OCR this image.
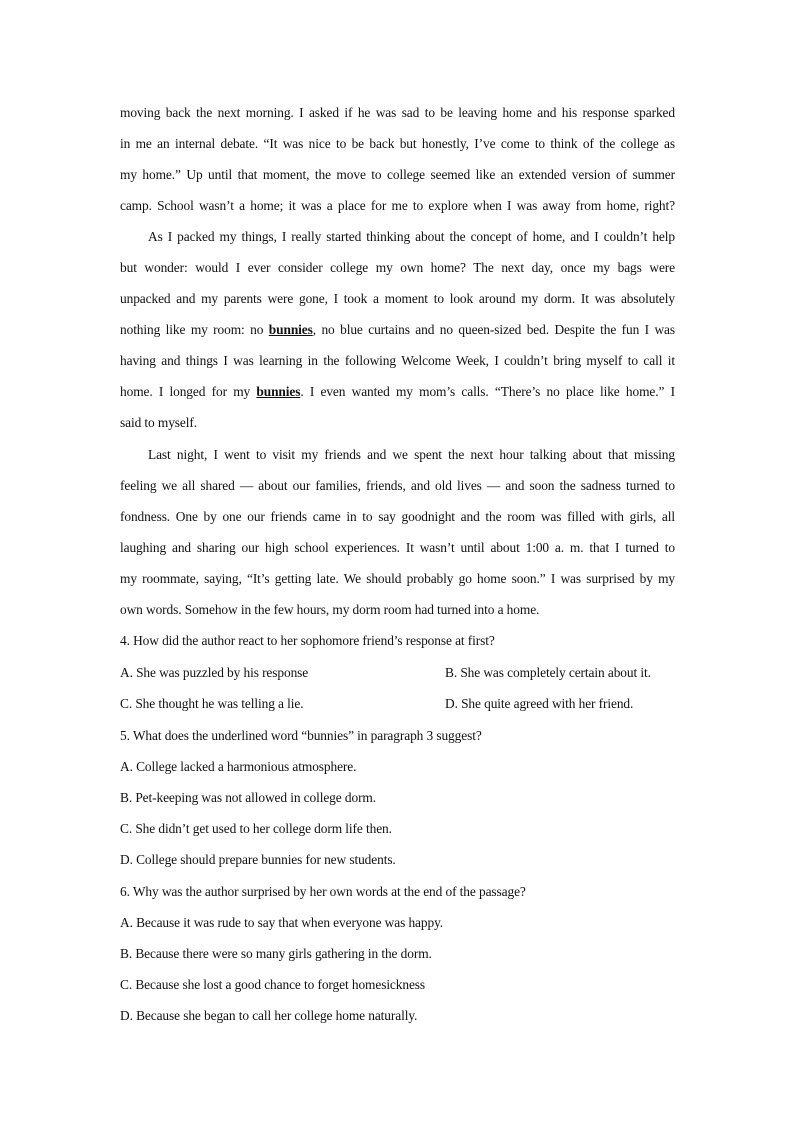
moving back the next morning. I asked if he was sad to be leaving home and his response sparked
in me an internal debate. “It was nice to be back but honestly, I’ve come to think of the college as
my home.” Up until that moment, the move to college seemed like an extended version of summer
camp. School wasn’t a home; it was a place for me to explore when I was away from home, right?
As I packed my things, I really started thinking about the concept of home, and I couldn’t help
but wonder: would I ever consider college my own home? The next day, once my bags were
unpacked and my parents were gone, I took a moment to look around my dorm. It was absolutely
nothing like my room: no bunnies, no blue curtains and no queen-sized bed. Despite the fun I was
having and things I was learning in the following Welcome Week, I couldn’t bring myself to call it
home. I longed for my bunnies. I even wanted my mom’s calls. “There’s no place like home.” I
said to myself.
Last night, I went to visit my friends and we spent the next hour talking about that missing
feeling we all shared — about our families, friends, and old lives — and soon the sadness turned to
fondness. One by one our friends came in to say goodnight and the room was filled with girls, all
laughing and sharing our high school experiences. It wasn’t until about 1:00 a. m. that I turned to
my roommate, saying, “It’s getting late. We should probably go home soon.” I was surprised by my
own words. Somehow in the few hours, my dorm room had turned into a home.
4. How did the author react to her sophomore friend’s response at first?
A. She was puzzled by his response	B. She was completely certain about it.
C. She thought he was telling a lie.	D. She quite agreed with her friend.
5. What does the underlined word “bunnies” in paragraph 3 suggest?
A. College lacked a harmonious atmosphere.
B. Pet-keeping was not allowed in college dorm.
C. She didn’t get used to her college dorm life then.
D. College should prepare bunnies for new students.
6. Why was the author surprised by her own words at the end of the passage?
A. Because it was rude to say that when everyone was happy.
B. Because there were so many girls gathering in the dorm.
C. Because she lost a good chance to forget homesickness
D. Because she began to call her college home naturally.
